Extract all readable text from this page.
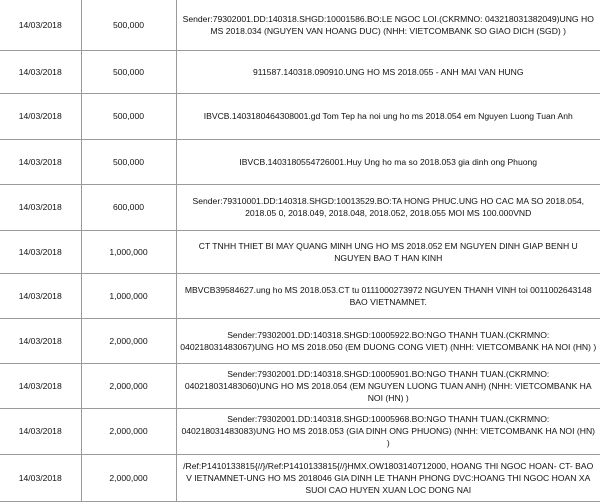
14/03/2018	500,000	Sender:79302001.DD:140318.SHGD:10001586.BO:LE NGOC LOI.(CKRMNO: 043218031382049)UNG HO MS 2018.034 (NGUYEN VAN HOANG DUC) (NHH: VIETCOMBANK SO GIAO DICH (SGD) )
14/03/2018	500,000	911587.140318.090910.UNG HO MS 2018.055 - ANH MAI VAN HUNG
14/03/2018	500,000	IBVCB.1403180464308001.gd Tom Tep ha noi ung ho ms 2018.054 em Nguyen Luong Tuan Anh
14/03/2018	500,000	IBVCB.1403180554726001.Huy Ung ho ma so 2018.053 gia dinh ong Phuong
14/03/2018	600,000	Sender:79310001.DD:140318.SHGD:10013529.BO:TA HONG PHUC.UNG HO CAC MA SO 2018.054, 2018.05 0, 2018.049, 2018.048, 2018.052, 2018.055 MOI MS 100.000VND
14/03/2018	1,000,000	CT TNHH THIET BI MAY QUANG MINH UNG HO MS 2018.052 EM NGUYEN DINH GIAP BENH U NGUYEN BAO T HAN KINH
14/03/2018	1,000,000	MBVCB39584627.ung ho MS 2018.053.CT tu 0111000273972 NGUYEN THANH VINH toi 0011002643148 BAO VIETNAMNET.
14/03/2018	2,000,000	Sender:79302001.DD:140318.SHGD:10005922.BO:NGO THANH TUAN.(CKRMNO: 040218031483067)UNG HO MS 2018.050 (EM DUONG CONG VIET) (NHH: VIETCOMBANK HA NOI (HN) )
14/03/2018	2,000,000	Sender:79302001.DD:140318.SHGD:10005901.BO:NGO THANH TUAN.(CKRMNO: 040218031483060)UNG HO MS 2018.054 (EM NGUYEN LUONG TUAN ANH) (NHH: VIETCOMBANK HA NOI (HN) )
14/03/2018	2,000,000	Sender:79302001.DD:140318.SHGD:10005968.BO:NGO THANH TUAN.(CKRMNO: 040218031483083)UNG HO MS 2018.053 (GIA DINH ONG PHUONG) (NHH: VIETCOMBANK HA NOI (HN) )
14/03/2018	2,000,000	/Ref:P1410133815{//}/Ref:P1410133815{//}HMX.OW1803140712000, HOANG THI NGOC HOAN- CT- BAO V IETNAMNET-UNG HO MS 2018046 GIA DINH LE THANH PHONG DVC:HOANG THI NGOC HOAN XA SUOI CAO HUYEN XUAN LOC DONG NAI
